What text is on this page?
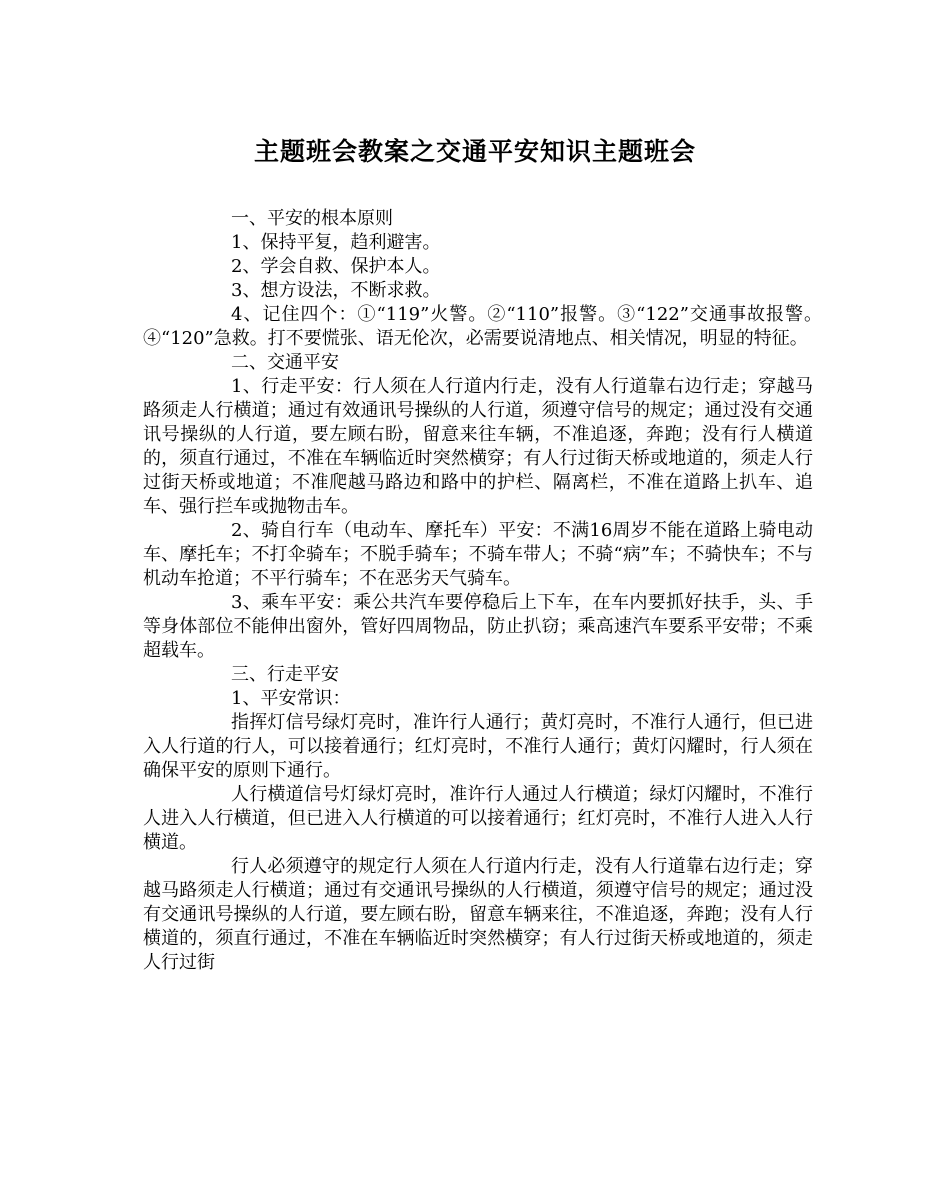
主题班会教案之交通平安知识主题班会

一、平安的根本原则

1、保持平复，趋利避害。

2、学会自救、保护本人。

3、想方设法，不断求救。

4、记住四个：①“119”火警。②“110”报警。③“122”交通事故报警。　　　　④“120”急救。打不要慌张、语无伦次，必需要说清地点、相关情况，明显的特征。

二、交通平安

1、行走平安：行人须在人行道内行走，没有人行道靠右边行走；穿越马路须走人行横道；通过有效通讯号操纵的人行道，须遵守信号的规定；通过没有交通讯号操纵的人行道，要左顾右盼，留意来往车辆，不准追逐，奔跑；没有行人横道的，须直行通过，不准在车辆临近时突然横穿；有人行过街天桥或地道的，须走人行过街天桥或地道；不准爬越马路边和路中的护栏、隔离栏，不准在道路上扒车、追车、强行拦车或抛物击车。

2、骑自行车（电动车、摩托车）平安：不满16周岁不能在道路上骑电动车、摩托车；不打伞骑车；不脱手骑车；不骑车带人；不骑“病”车；不骑快车；不与机动车抢道；不平行骑车；不在恶劣天气骑车。

3、乘车平安：乘公共汽车要停稳后上下车，在车内要抓好扶手，头、手等身体部位不能伸出窗外，管好四周物品，防止扒窃；乘高速汽车要系平安带；不乘超载车。

三、行走平安

1、平安常识：

指挥灯信号绿灯亮时，准许行人通行；黄灯亮时，不准行人通行，但已进入人行道的行人，可以接着通行；红灯亮时，不准行人通行；黄灯闪耀时，行人须在确保平安的原则下通行。

人行横道信号灯绿灯亮时，准许行人通过人行横道；绿灯闪耀时，不准行人进入人行横道，但已进入人行横道的可以接着通行；红灯亮时，不准行人进入人行横道。

行人必须遵守的规定行人须在人行道内行走，没有人行道靠右边行走；穿越马路须走人行横道；通过有交通讯号操纵的人行横道，须遵守信号的规定；通过没有交通讯号操纵的人行道，要左顾右盼，留意车辆来往，不准追逐，奔跑；没有人行横道的，须直行通过，不准在车辆临近时突然横穿；有人行过街天桥或地道的，须走人行过街
